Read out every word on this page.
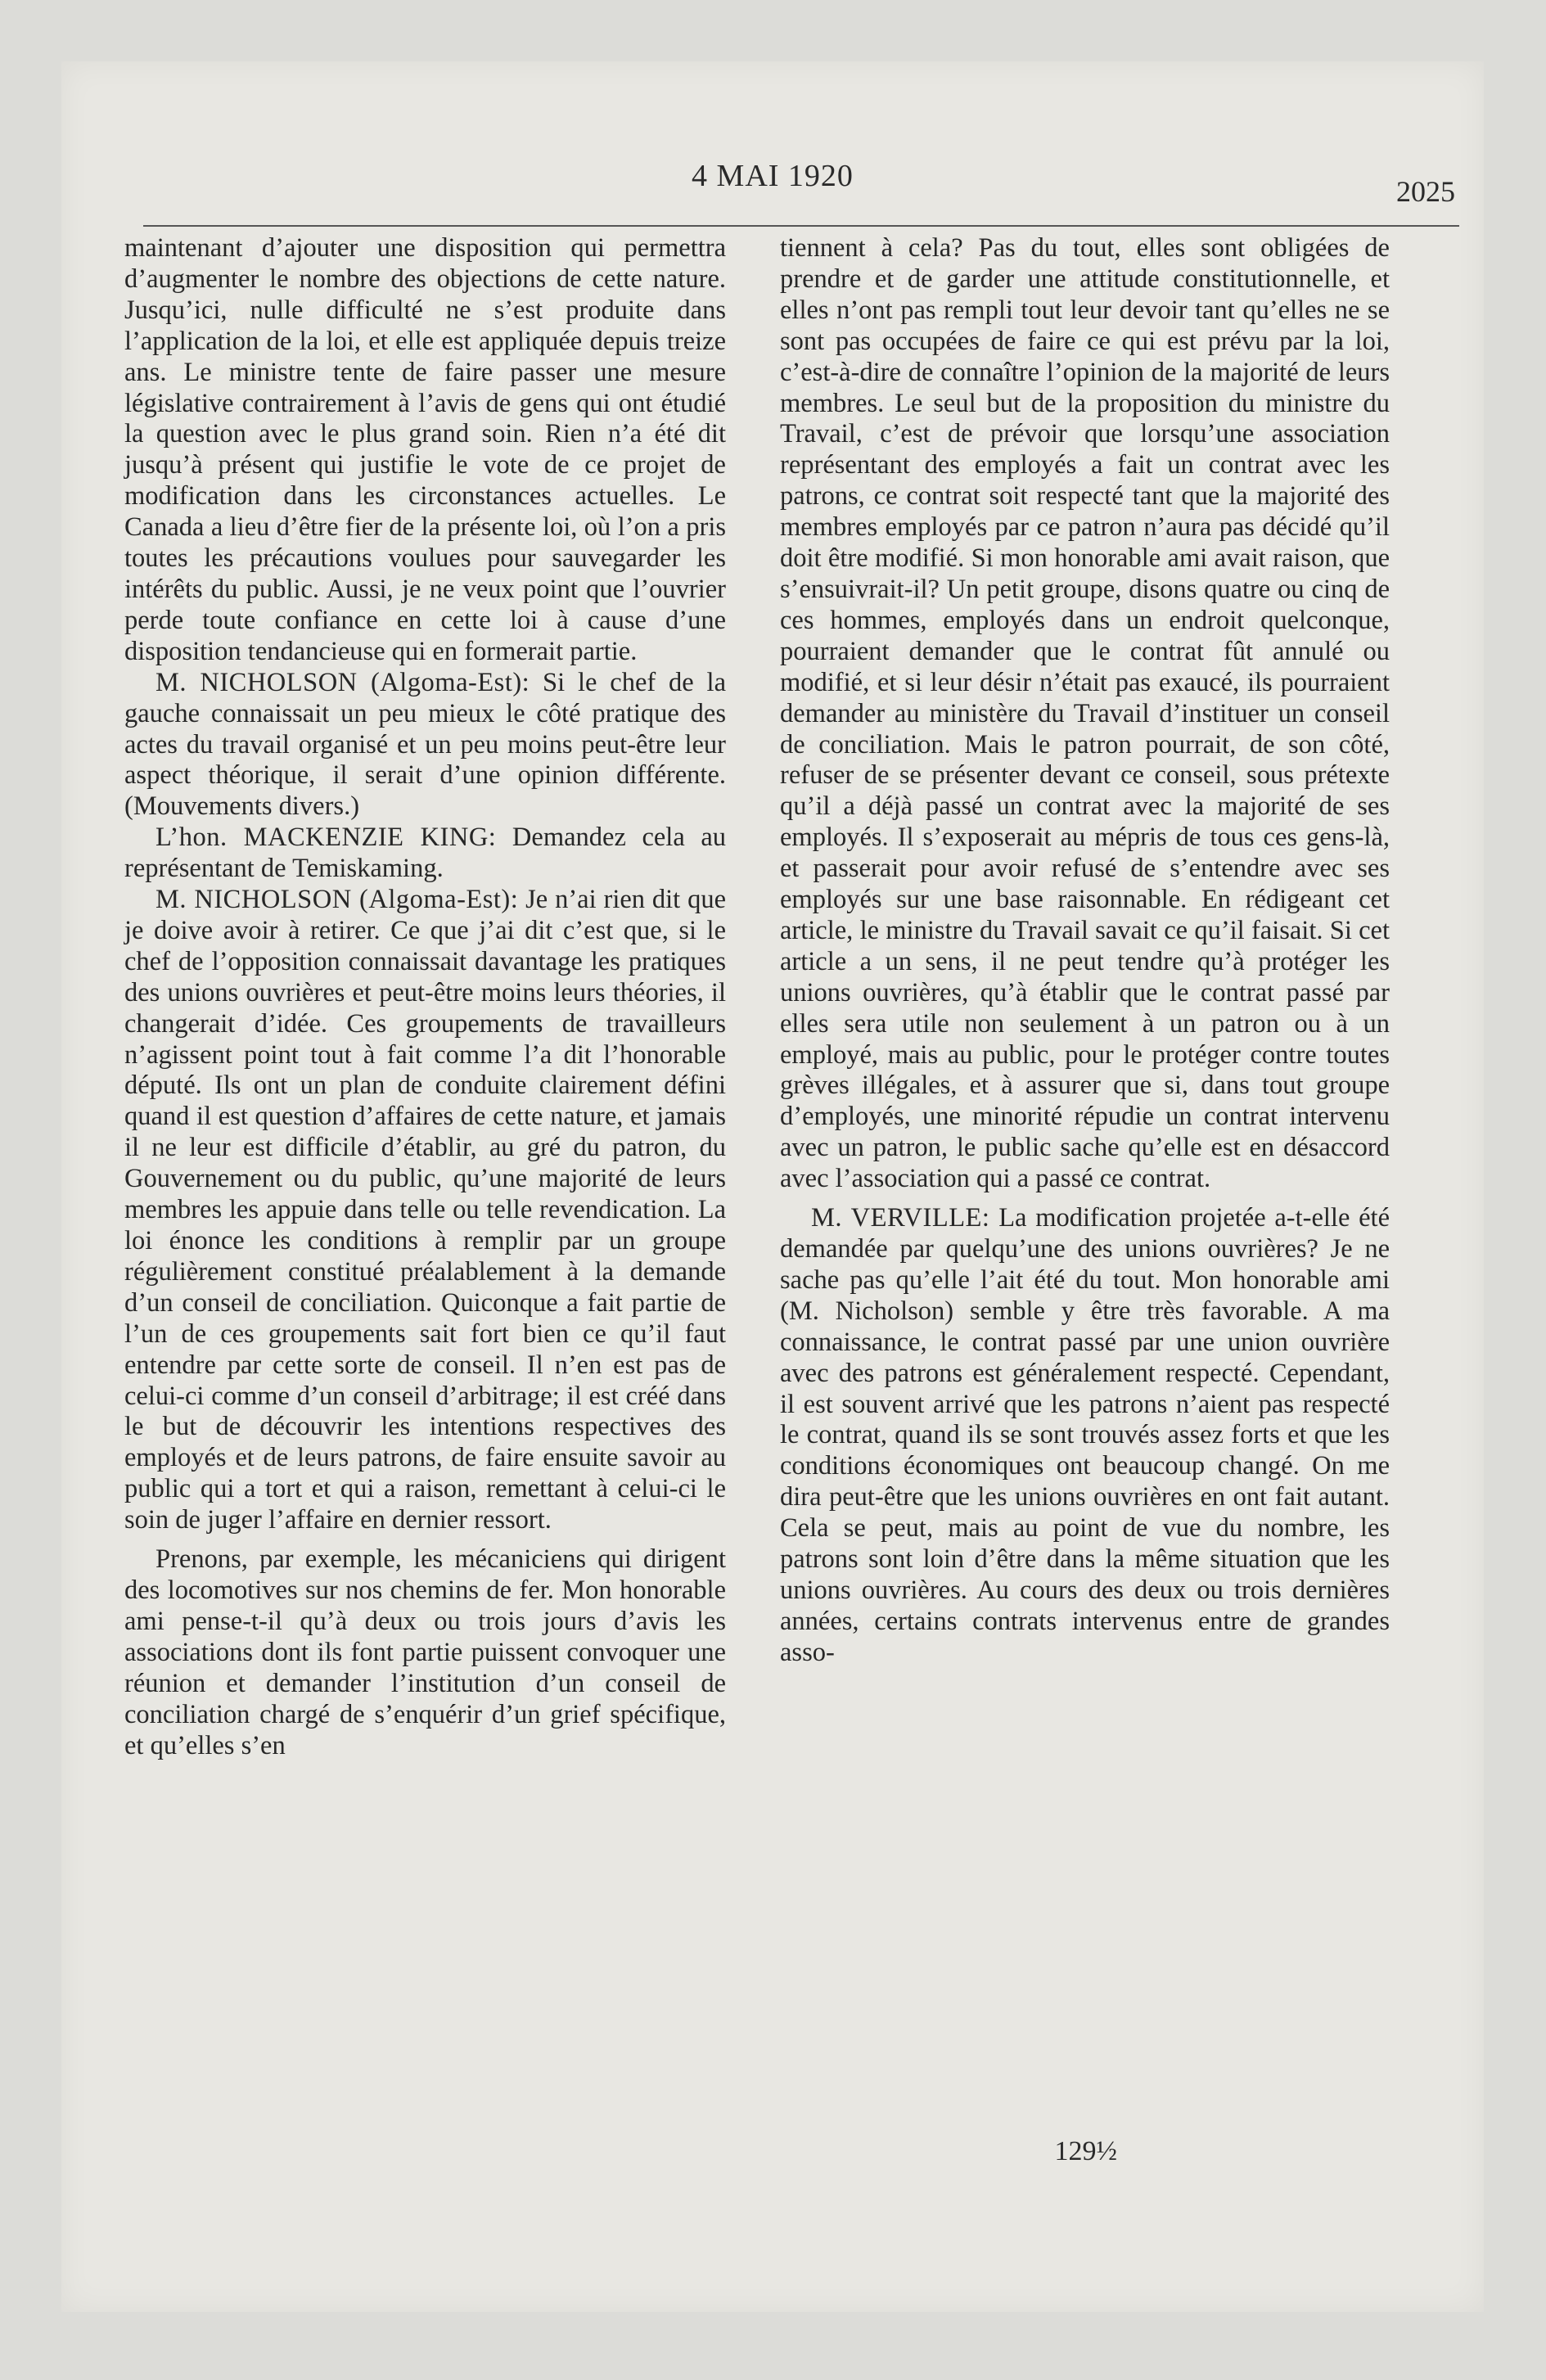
4 MAI 1920	2025

maintenant d’ajouter une disposition qui permettra d’augmenter le nombre des objections de cette nature. Jusqu’ici, nulle difficulté ne s’est produite dans l’application de la loi, et elle est appliquée depuis treize ans. Le ministre tente de faire passer une mesure législative contrairement à l’avis de gens qui ont étudié la question avec le plus grand soin. Rien n’a été dit jusqu’à présent qui justifie le vote de ce projet de modification dans les circonstances actuelles. Le Canada a lieu d’être fier de la présente loi, où l’on a pris toutes les précautions voulues pour sauvegarder les intérêts du public. Aussi, je ne veux point que l’ouvrier perde toute confiance en cette loi à cause d’une disposition tendancieuse qui en formerait partie.

M. NICHOLSON (Algoma-Est): Si le chef de la gauche connaissait un peu mieux le côté pratique des actes du travail organisé et un peu moins peut-être leur aspect théorique, il serait d’une opinion différente. (Mouvements divers.)

L’hon. MACKENZIE KING: Demandez cela au représentant de Temiskaming.

M. NICHOLSON (Algoma-Est): Je n’ai rien dit que je doive avoir à retirer. Ce que j’ai dit c’est que, si le chef de l’opposition connaissait davantage les pratiques des unions ouvrières et peut-être moins leurs théories, il changerait d’idée. Ces groupements de travailleurs n’agissent point tout à fait comme l’a dit l’honorable député. Ils ont un plan de conduite clairement défini quand il est question d’affaires de cette nature, et jamais il ne leur est difficile d’établir, au gré du patron, du Gouvernement ou du public, qu’une majorité de leurs membres les appuie dans telle ou telle revendication. La loi énonce les conditions à remplir par un groupe régulièrement constitué préalablement à la demande d’un conseil de conciliation. Quiconque a fait partie de l’un de ces groupements sait fort bien ce qu’il faut entendre par cette sorte de conseil. Il n’en est pas de celui-ci comme d’un conseil d’arbitrage; il est créé dans le but de découvrir les intentions respectives des employés et de leurs patrons, de faire ensuite savoir au public qui a tort et qui a raison, remettant à celui-ci le soin de juger l’affaire en dernier ressort.

Prenons, par exemple, les mécaniciens qui dirigent des locomotives sur nos chemins de fer. Mon honorable ami pense-t-il qu’à deux ou trois jours d’avis les associations dont ils font partie puissent convoquer une réunion et demander l’institution d’un conseil de conciliation chargé de s’enquérir d’un grief spécifique, et qu’elles s’en

tiennent à cela? Pas du tout, elles sont obligées de prendre et de garder une attitude constitutionnelle, et elles n’ont pas rempli tout leur devoir tant qu’elles ne se sont pas occupées de faire ce qui est prévu par la loi, c’est-à-dire de connaître l’opinion de la majorité de leurs membres. Le seul but de la proposition du ministre du Travail, c’est de prévoir que lorsqu’une association représentant des employés a fait un contrat avec les patrons, ce contrat soit respecté tant que la majorité des membres employés par ce patron n’aura pas décidé qu’il doit être modifié. Si mon honorable ami avait raison, que s’ensuivrait-il? Un petit groupe, disons quatre ou cinq de ces hommes, employés dans un endroit quelconque, pourraient demander que le contrat fût annulé ou modifié, et si leur désir n’était pas exaucé, ils pourraient demander au ministère du Travail d’instituer un conseil de conciliation. Mais le patron pourrait, de son côté, refuser de se présenter devant ce conseil, sous prétexte qu’il a déjà passé un contrat avec la majorité de ses employés. Il s’exposerait au mépris de tous ces gens-là, et passerait pour avoir refusé de s’entendre avec ses employés sur une base raisonnable. En rédigeant cet article, le ministre du Travail savait ce qu’il faisait. Si cet article a un sens, il ne peut tendre qu’à protéger les unions ouvrières, qu’à établir que le contrat passé par elles sera utile non seulement à un patron ou à un employé, mais au public, pour le protéger contre toutes grèves illégales, et à assurer que si, dans tout groupe d’employés, une minorité répudie un contrat intervenu avec un patron, le public sache qu’elle est en désaccord avec l’association qui a passé ce contrat.

M. VERVILLE: La modification projetée a-t-elle été demandée par quelqu’une des unions ouvrières? Je ne sache pas qu’elle l’ait été du tout. Mon honorable ami (M. Nicholson) semble y être très favorable. A ma connaissance, le contrat passé par une union ouvrière avec des patrons est généralement respecté. Cependant, il est souvent arrivé que les patrons n’aient pas respecté le contrat, quand ils se sont trouvés assez forts et que les conditions économiques ont beaucoup changé. On me dira peut-être que les unions ouvrières en ont fait autant. Cela se peut, mais au point de vue du nombre, les patrons sont loin d’être dans la même situation que les unions ouvrières. Au cours des deux ou trois dernières années, certains contrats intervenus entre de grandes asso-

129½
